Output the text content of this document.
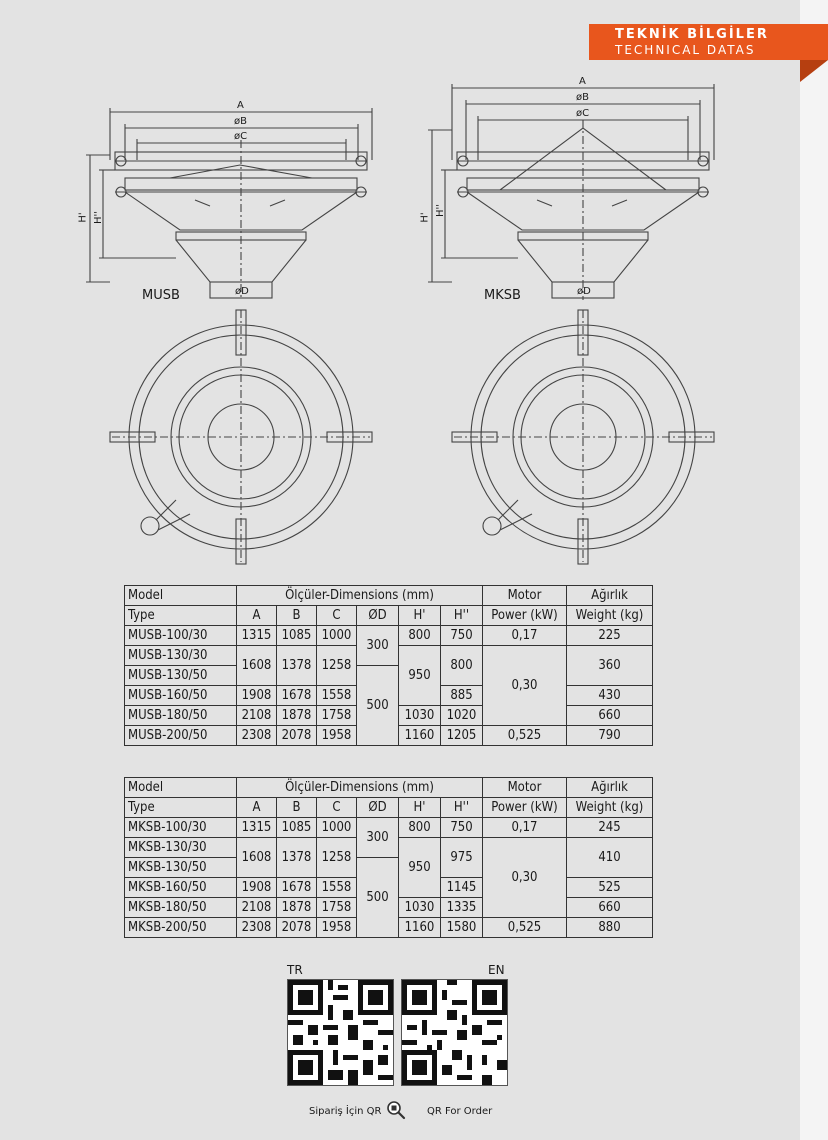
TEKNİK BİLGİLER
TECHNICAL DATAS
MUSB	MKSB
A
øB
øC
øD
H' H''
A
øB
øC
øD
H'
H''
Model	Ölçüler-Dimensions (mm)						Motor	Ağırlık
Type	A	B	C	ØD	H'	H''	Power (kW)	Weight (kg)
MUSB-100/30	1315	1085	1000	300	800	750	0,17	225
MUSB-130/30	1608	1378	1258		950	800	0,30	360
MUSB-130/50				500				
MUSB-160/50	1908	1678	1558			885		430
MUSB-180/50	2108	1878	1758		1030	1020		660
MUSB-200/50	2308	2078	1958		1160	1205	0,525	790
Model	Ölçüler-Dimensions (mm)						Motor	Ağırlık
Type	A	B	C	ØD	H'	H''	Power (kW)	Weight (kg)
MKSB-100/30	1315	1085	1000	300	800	750	0,17	245
MKSB-130/30	1608	1378	1258		950	975	0,30	410
MKSB-130/50				500				
MKSB-160/50	1908	1678	1558			1145		525
MKSB-180/50	2108	1878	1758		1030	1335		660
MKSB-200/50	2308	2078	1958		1160	1580	0,525	880
TR	EN
Sipariş İçin QR	QR For Order
